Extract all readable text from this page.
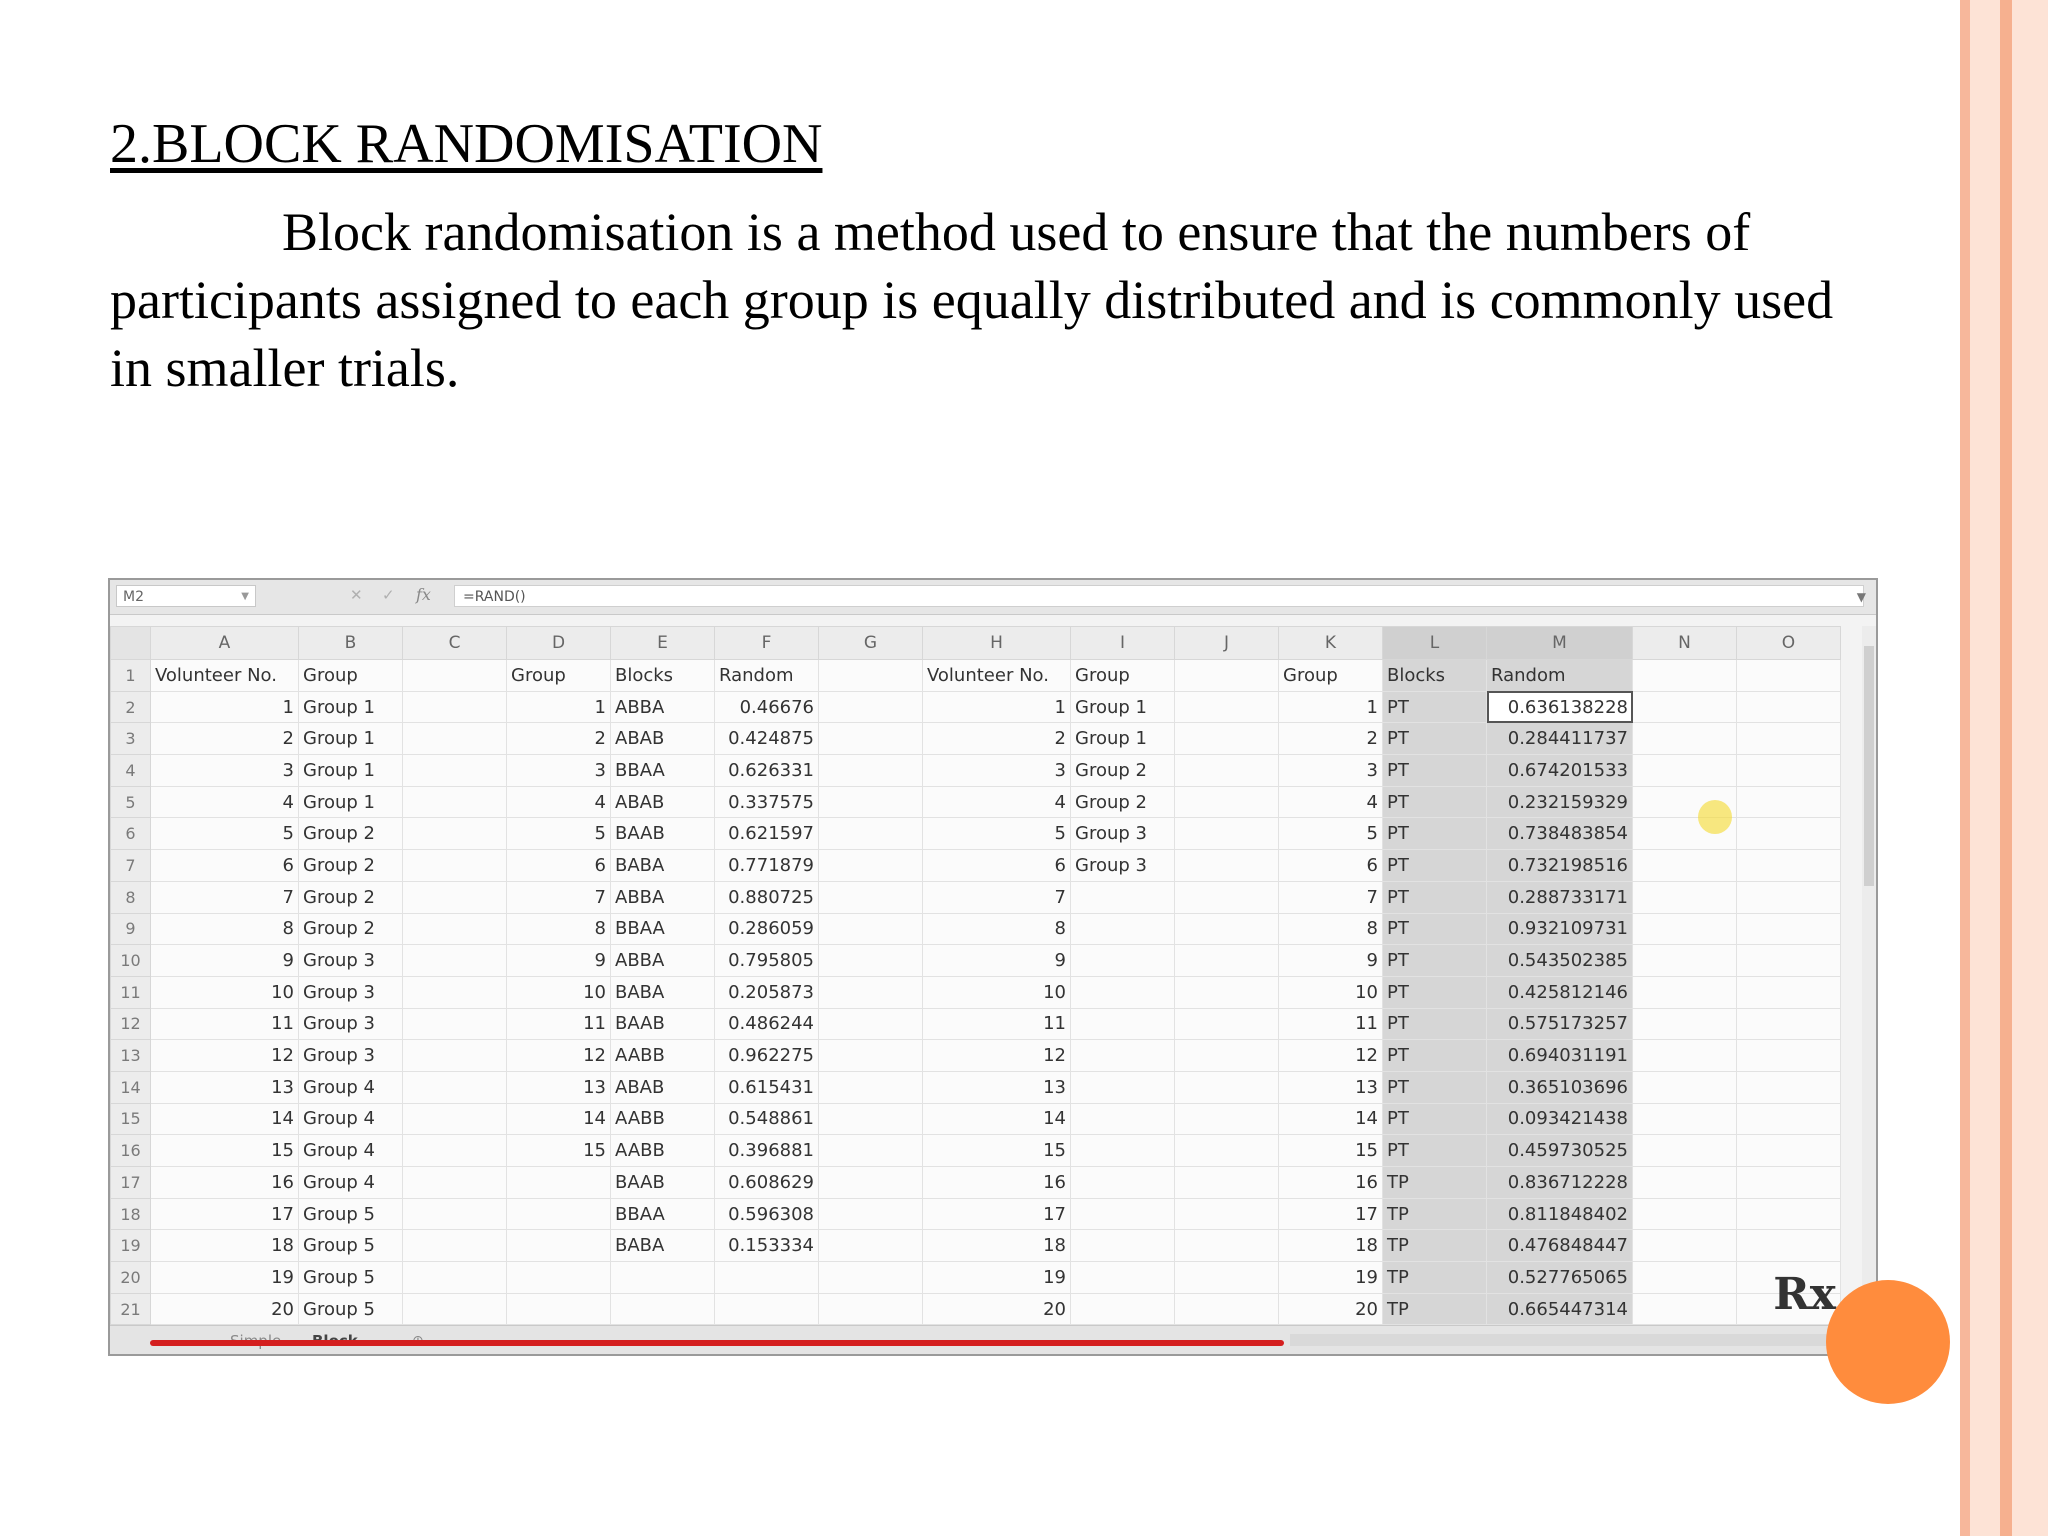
2.BLOCK RANDOMISATION

Block randomisation is a method used to ensure that the numbers of participants assigned to each group is equally distributed and is commonly used in smaller trials.

M2	▼	✕ ✓ fx	=RAND()	▼
	A	B	C	D	E	F	G	H	I	J	K	L	M	N	O
1	Volunteer No.	Group		Group	Blocks	Random		Volunteer No.	Group		Group	Blocks	Random		
2	1	Group 1		1	ABBA	0.46676		1	Group 1		1	PT	0.636138228		
3	2	Group 1		2	ABAB	0.424875		2	Group 1		2	PT	0.284411737		
4	3	Group 1		3	BBAA	0.626331		3	Group 2		3	PT	0.674201533		
5	4	Group 1		4	ABAB	0.337575		4	Group 2		4	PT	0.232159329		
6	5	Group 2		5	BAAB	0.621597		5	Group 3		5	PT	0.738483854		
7	6	Group 2		6	BABA	0.771879		6	Group 3		6	PT	0.732198516		
8	7	Group 2		7	ABBA	0.880725		7			7	PT	0.288733171		
9	8	Group 2		8	BBAA	0.286059		8			8	PT	0.932109731		
10	9	Group 3		9	ABBA	0.795805		9			9	PT	0.543502385		
11	10	Group 3		10	BABA	0.205873		10			10	PT	0.425812146		
12	11	Group 3		11	BAAB	0.486244		11			11	PT	0.575173257		
13	12	Group 3		12	AABB	0.962275		12			12	PT	0.694031191		
14	13	Group 4		13	ABAB	0.615431		13			13	PT	0.365103696		
15	14	Group 4		14	AABB	0.548861		14			14	PT	0.093421438		
16	15	Group 4		15	AABB	0.396881		15			15	PT	0.459730525		
17	16	Group 4			BAAB	0.608629		16			16	TP	0.836712228		
18	17	Group 5			BBAA	0.596308		17			17	TP	0.811848402		
19	18	Group 5			BABA	0.153334		18			18	TP	0.476848447		
20	19	Group 5						19			19	TP	0.527765065		
21	20	Group 5						20			20	TP	0.665447314			Rx
